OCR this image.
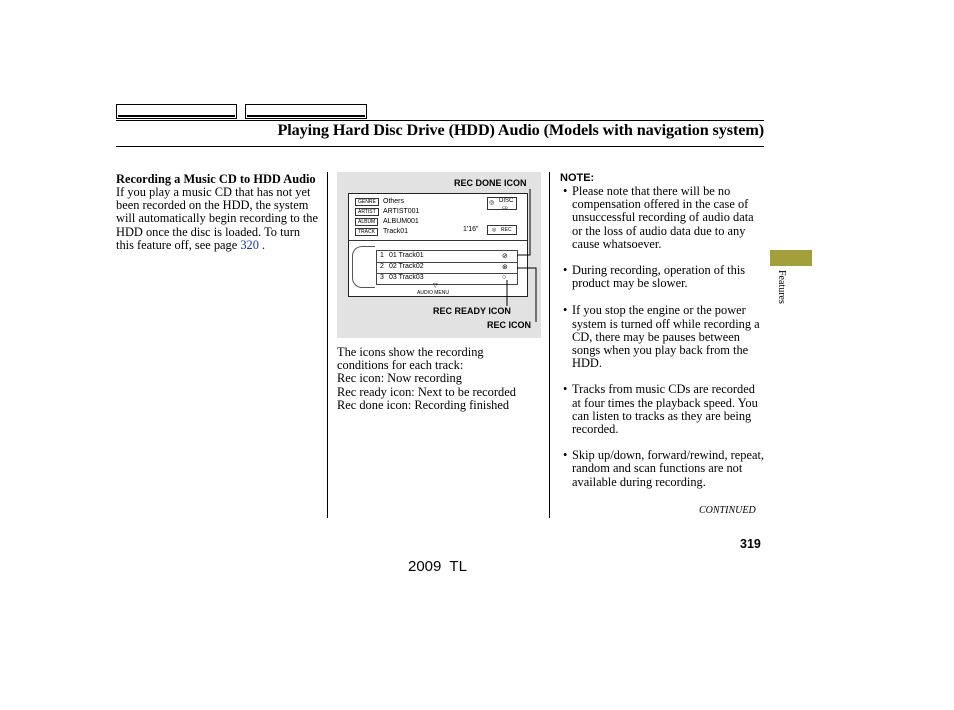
Playing Hard Disc Drive (HDD) Audio (Models with navigation system)
Recording a Music CD to HDD Audio
If you play a music CD that has not yet been recorded on the HDD, the system will automatically begin recording to the HDD once the disc is loaded. To turn this feature off, see page 320 .
REC DONE ICON
REC READY ICON
REC ICON
GENRE	Others
ARTIST	ARTIST001
ALBUM	ALBUM001
TRACK	Track01
◎ DISC
CD
1'16"	◎ REC
1 01 Track01	⊘
2 02 Track02	⊛
3 03 Track03	○
▽
AUDIO MENU
The icons show the recording
conditions for each track:
Rec icon: Now recording
Rec ready icon: Next to be recorded
Rec done icon: Recording finished
NOTE:
• Please note that there will be no compensation offered in the case of unsuccessful recording of audio data or the loss of audio data due to any cause whatsoever.
• During recording, operation of this product may be slower.
• If you stop the engine or the power system is turned off while recording a CD, there may be pauses between songs when you play back from the HDD.
• Tracks from music CDs are recorded at four times the playback speed. You can listen to tracks as they are being recorded.
• Skip up/down, forward/rewind, repeat, random and scan functions are not available during recording.
Features
CONTINUED
319
2009  TL
